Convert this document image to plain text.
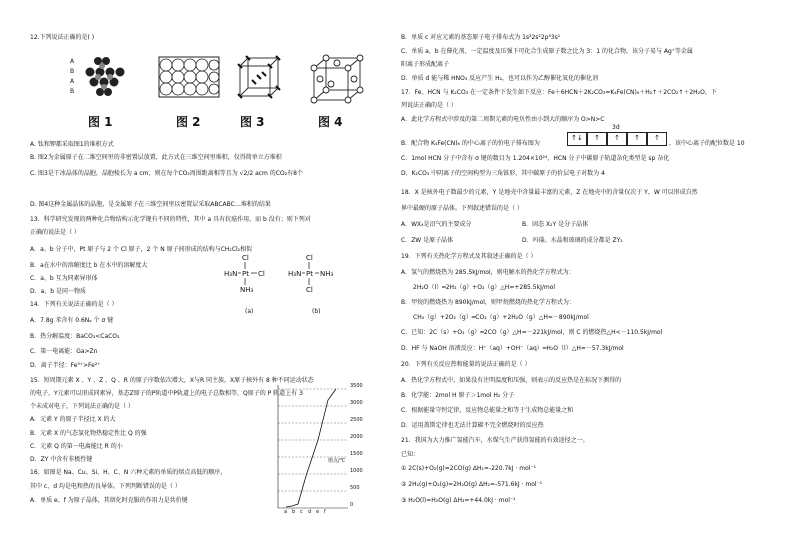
12.下列说法正确的是( )
A
B
A
B
图 1	图 2	图 3	图 4
A. 钛和钾都采取图1的堆积方式
B. 图2为金属原子在二维空间里的非密置层放置，此方式在三维空间里堆积，仅得简单立方堆积
C. 图3是干冰晶体的晶胞，晶胞棱长为 a cm，则在每个CO₂周围距离相等且为 √2/2 acm 的CO₂有8个
D. 图4这种金属晶体的晶胞，是金属原子在三维空间里以密置层采取ABCABC…堆积的结果
13．科学研究发现的两种化合物结构示化学键有不同的特性，其中 a 具有抗癌作用，而 b 没有；则下列对
正确的说法是（ ）
A．a、b 分子中，Pt 原子与 2 个 Cl 原子，2 个 N 原子间形成的结构与CH₂Cl₂相似
B．a在水中的溶解度比 b 在水中的溶解度大
C．a、b 互为同素异形体
D．a、b 是同一物质
Cl
H₃N Pt Cl
NH₃
Cl
H₃N Pt NH₃
Cl
(a)	(b)
14．下列有关说法正确的是（ ）
A．7.8g 苯含有 0.6Nₐ 个 σ 键
B．热分解温度：BaCO₃<CaCO₃
C．第一电离能：Ga>Zn
D．离子半径：Fe³⁺>Fe²⁺
15．短周期元素 X 、Y 、Z 、Q 、R 的原子序数依次增大，X与R 同主族，X原子核外有 8 种不同运动状态
的电子，Y元素可以形成同素异，基态Z原子的P轨道中P轨道上的电子总数相等，Q原子的 P 轨道上有 3
个未成对电子，下列说法正确的是（ ）
A．元素 Y 的原子半径比 X 的大
B．元素 X 的气态氢化物热稳定性比 Q 的强
C．元素 Q 的第一电离能比 R 的小
D．ZY 中含有非极性键
16．如图是 Na、Cu、Si、H、C、N 六种元素的单质的熔点高低的顺序，
其中 c、d 均是电和热的良导体。下列判断错误的是（ ）
A．单质 e、f 为原子晶体，其熔化时克服的作用力是共价键
3500
3000
2500
2000
1500
1000
500
0
熔点/℃
a b c d e f
B．单质 c 对应元素的基态原子电子排布式为 1s²2s²2p⁶3s¹
C．单质 a、b 在催化剂、一定温度及压强下可化合生成原子数之比为 3：1 的化合物，该分子易与 Ag⁺等金属
阳离子形成配离子
D．单质 d 能与稀 HNO₃ 反应产生 H₂，也可以作为乙醇催化氧化的催化剂
17．Fe、HCN 与 K₂CO₃ 在一定条件下发生如下反应：Fe＋6HCN＋2K₂CO₃=K₄Fe(CN)₆＋H₂↑＋2CO₂↑＋2H₂O，下
列说法正确的是（ ）
A．此化学方程式中涉及的第二周期元素的电负性由小到大的顺序为 O>N>C
3d
B．配合物 K₄Fe(CN)₆ 的中心离子的价电子排布图为
↑↓	↑	↑	↑	↑
，该中心离子的配位数是 10
C．1mol HCN 分子中含有 σ 键的数目为 1.204×10²⁴，HCN 分子中碳原子轨道杂化类型是 sp 杂化
D．K₂CO₃ 中阴离子的空间构型为三角锥形，其中碳原子的价层电子对数为 4
18．X 是核外电子数最少的元素，Y 是地壳中含量最丰富的元素，Z 在地壳中的含量仅次于 Y，W 可以形成自然
界中最硬的原子晶体。下列叙述错误的是（ ）
A．WX₄是沼气的主要成分	B．固态 X₂Y 是分子晶体
C．ZW 是原子晶体	D．玛瑙、水晶和玻璃的成分都是 ZY₂
19．下列有关热化学方程式及其叙述正确的是（ ）
A．氢气的燃烧热为 285.5kJ/mol，则电解水的热化学方程式为：
2H₂O（l）═2H₂（g）+O₂（g）△H=+285.5kJ/mol
B．甲烷的燃烧热为 890kJ/mol，则甲烷燃烧的热化学方程式为：
CH₄（g）+2O₂（g）═CO₂（g）+2H₂O（g）△H=－890kJ/mol
C．已知：2C（s）+O₂（g）═2CO（g）△H=－221kJ/mol，则 C 的燃烧热△H<－110.5kJ/mol
D．HF 与 NaOH 溶液反应：H⁺（aq）+OH⁻（aq）═H₂O（l）△H=－57.3kJ/mol
20．下列有关反应热和能量的说法正确的是（ ）
A．热化学方程式中，如果没有注明温度和压强，则表示的反应热是在标况下测得的
B．化学能：2mol H 原子＞1mol H₂ 分子
C．根据能量守恒定律，反应物总能量之和等于生成物总能量之和
D．运用盖斯定律也无法计算碳不完全燃烧时的反应热
21．我国为大力推广氢能汽车，水煤气生产获得氢能的有效途径之一。
已知：
① 2C(s)+O₂(g)=2CO(g) ΔH₁=-220.7kJ · mol⁻¹
② 2H₂(g)+O₂(g)=2H₂O(g) ΔH₂=-571.6kJ · mol⁻¹
③ H₂O(l)=H₂O(g) ΔH₃=+44.0kJ · mol⁻¹
